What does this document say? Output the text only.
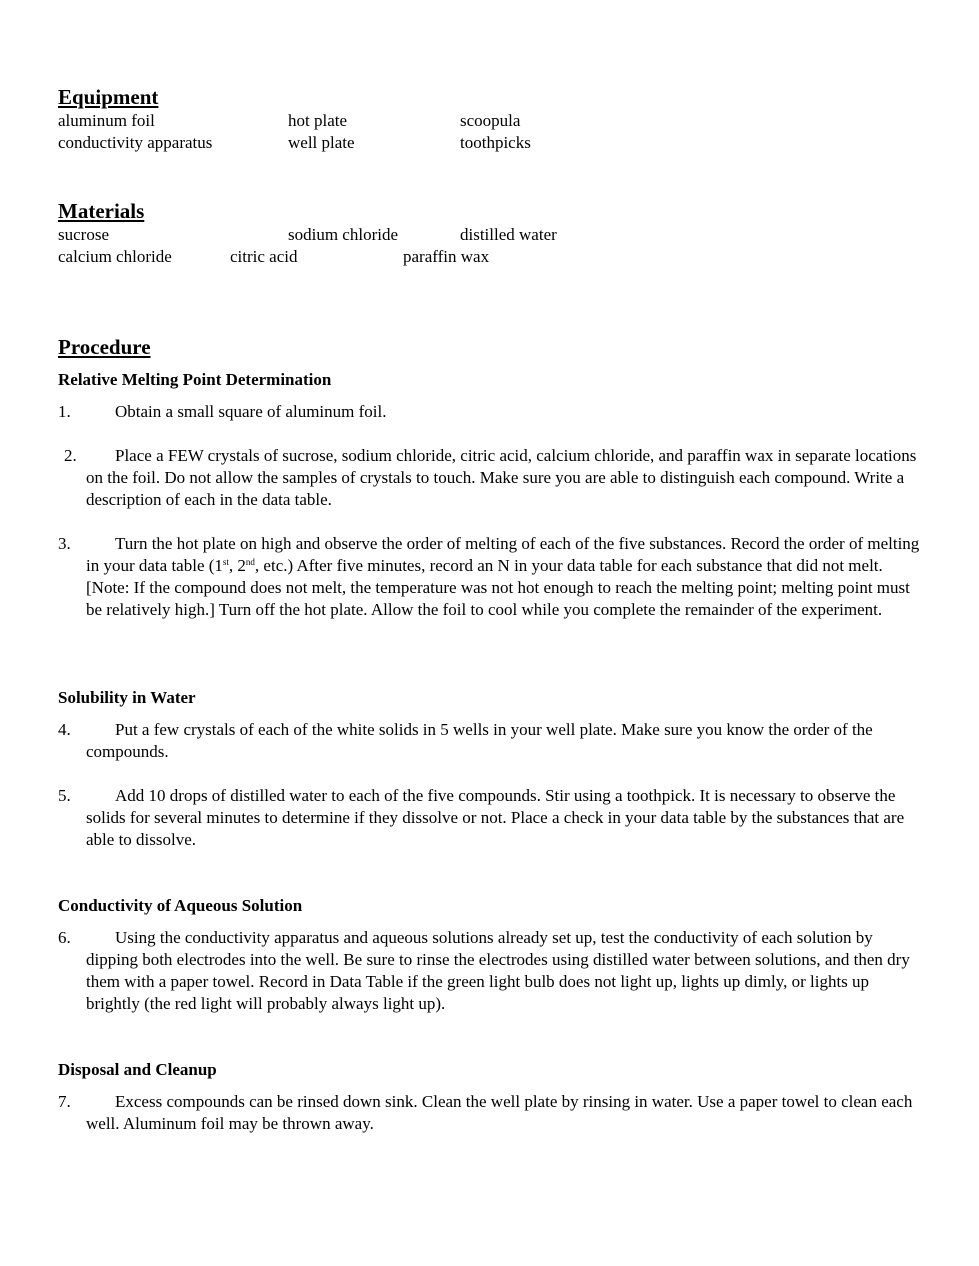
Equipment
aluminum foil	hot plate	scoopula
conductivity apparatus	well plate	toothpicks
Materials
sucrose	sodium chloride	distilled water
calcium chloride	citric acid	paraffin wax
Procedure
Relative Melting Point Determination
1.	Obtain a small square of aluminum foil.
2.	Place a FEW crystals of sucrose, sodium chloride, citric acid, calcium chloride, and paraffin wax in separate locations on the foil. Do not allow the samples of crystals to touch. Make sure you are able to distinguish each compound. Write a description of each in the data table.
3.	Turn the hot plate on high and observe the order of melting of each of the five substances. Record the order of melting in your data table (1st, 2nd, etc.) After five minutes, record an N in your data table for each substance that did not melt. [Note: If the compound does not melt, the temperature was not hot enough to reach the melting point; melting point must be relatively high.] Turn off the hot plate. Allow the foil to cool while you complete the remainder of the experiment.
Solubility in Water
4.	Put a few crystals of each of the white solids in 5 wells in your well plate. Make sure you know the order of the compounds.
5.	Add 10 drops of distilled water to each of the five compounds. Stir using a toothpick. It is necessary to observe the solids for several minutes to determine if they dissolve or not. Place a check in your data table by the substances that are able to dissolve.
Conductivity of Aqueous Solution
6.	Using the conductivity apparatus and aqueous solutions already set up, test the conductivity of each solution by dipping both electrodes into the well. Be sure to rinse the electrodes using distilled water between solutions, and then dry them with a paper towel. Record in Data Table if the green light bulb does not light up, lights up dimly, or lights up brightly (the red light will probably always light up).
Disposal and Cleanup
7.	Excess compounds can be rinsed down sink. Clean the well plate by rinsing in water. Use a paper towel to clean each well. Aluminum foil may be thrown away.
